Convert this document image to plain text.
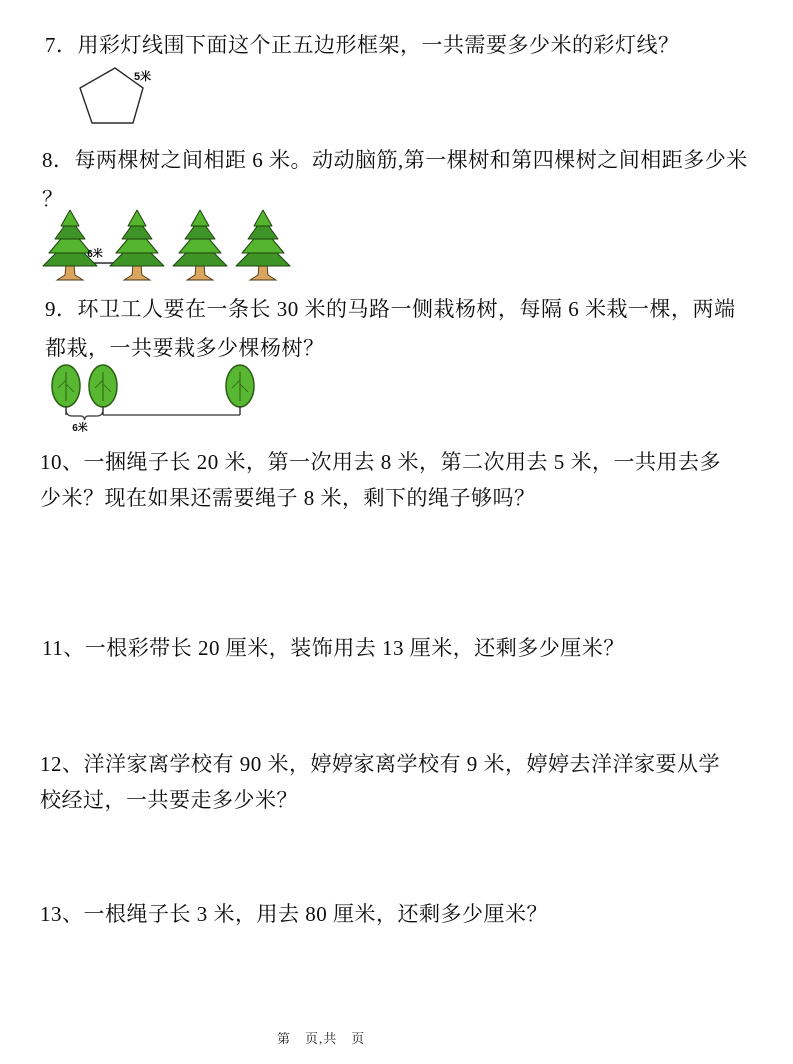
7．用彩灯线围下面这个正五边形框架，一共需要多少米的彩灯线？
5米
8．每两棵树之间相距 6 米。动动脑筋,第一棵树和第四棵树之间相距多少米
？
6米
9．环卫工人要在一条长 30 米的马路一侧栽杨树，每隔 6 米栽一棵，两端
都栽，一共要栽多少棵杨树？
6米
10、一捆绳子长 20 米，第一次用去 8 米，第二次用去 5 米，一共用去多
少米？现在如果还需要绳子 8 米，剩下的绳子够吗？
11、一根彩带长 20 厘米，装饰用去 13 厘米，还剩多少厘米？
12、洋洋家离学校有 90 米，婷婷家离学校有 9 米，婷婷去洋洋家要从学
校经过，一共要走多少米？
13、一根绳子长 3 米，用去 80 厘米，还剩多少厘米？
第　页,共　页
